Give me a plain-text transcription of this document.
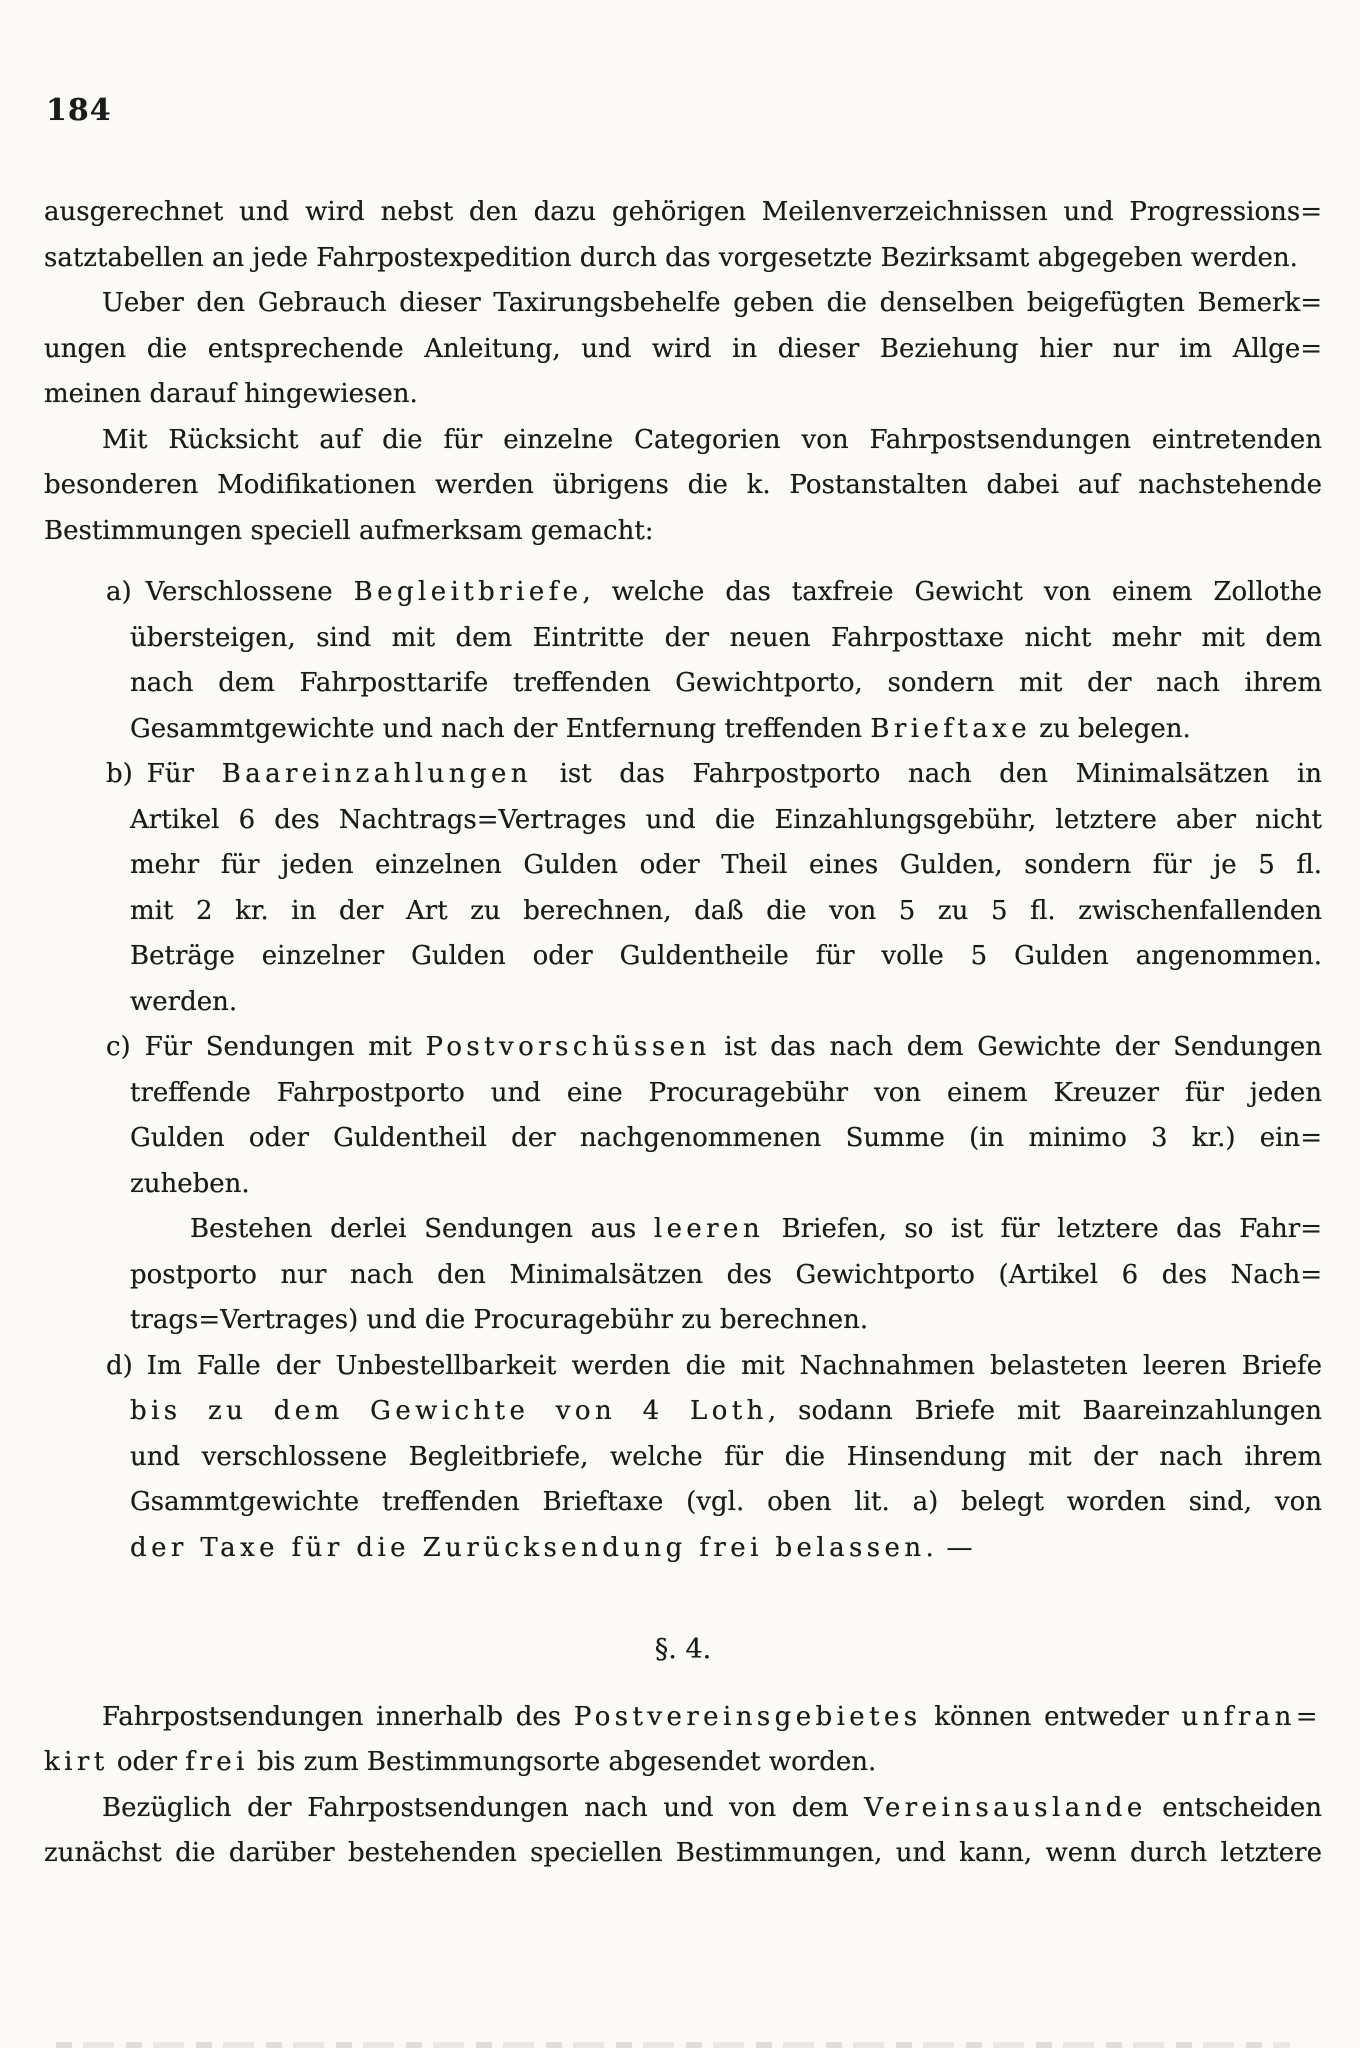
184
ausgerechnet und wird nebst den dazu gehörigen Meilenverzeichnissen und Progressions=
satztabellen an jede Fahrpostexpedition durch das vorgesetzte Bezirksamt abgegeben werden.
Ueber den Gebrauch dieser Taxirungsbehelfe geben die denselben beigefügten Bemerk=
ungen die entsprechende Anleitung, und wird in dieser Beziehung hier nur im Allge=
meinen darauf hingewiesen.
Mit Rücksicht auf die für einzelne Categorien von Fahrpostsendungen eintretenden
besonderen Modifikationen werden übrigens die k. Postanstalten dabei auf nachstehende
Bestimmungen speciell aufmerksam gemacht:
a) Verschlossene Begleitbriefe, welche das taxfreie Gewicht von einem Zollothe
übersteigen, sind mit dem Eintritte der neuen Fahrposttaxe nicht mehr mit dem
nach dem Fahrposttarife treffenden Gewichtporto, sondern mit der nach ihrem
Gesammtgewichte und nach der Entfernung treffenden Brieftaxe zu belegen.
b) Für Baareinzahlungen ist das Fahrpostporto nach den Minimalsätzen in
Artikel 6 des Nachtrags=Vertrages und die Einzahlungsgebühr, letztere aber nicht
mehr für jeden einzelnen Gulden oder Theil eines Gulden, sondern für je 5 fl.
mit 2 kr. in der Art zu berechnen, daß die von 5 zu 5 fl. zwischenfallenden
Beträge einzelner Gulden oder Guldentheile für volle 5 Gulden angenommen.
werden.
c) Für Sendungen mit Postvorschüssen ist das nach dem Gewichte der Sendungen
treffende Fahrpostporto und eine Procuragebühr von einem Kreuzer für jeden
Gulden oder Guldentheil der nachgenommenen Summe (in minimo 3 kr.) ein=
zuheben.
Bestehen derlei Sendungen aus leeren Briefen, so ist für letztere das Fahr=
postporto nur nach den Minimalsätzen des Gewichtporto (Artikel 6 des Nach=
trags=Vertrages) und die Procuragebühr zu berechnen.
d) Im Falle der Unbestellbarkeit werden die mit Nachnahmen belasteten leeren Briefe
bis zu dem Gewichte von 4 Loth, sodann Briefe mit Baareinzahlungen
und verschlossene Begleitbriefe, welche für die Hinsendung mit der nach ihrem
Gsammtgewichte treffenden Brieftaxe (vgl. oben lit. a) belegt worden sind, von
der Taxe für die Zurücksendung frei belassen. —
§. 4.
Fahrpostsendungen innerhalb des Postvereinsgebietes können entweder unfran=
kirt oder frei bis zum Bestimmungsorte abgesendet worden.
Bezüglich der Fahrpostsendungen nach und von dem Vereinsauslande entscheiden
zunächst die darüber bestehenden speciellen Bestimmungen, und kann, wenn durch letztere
